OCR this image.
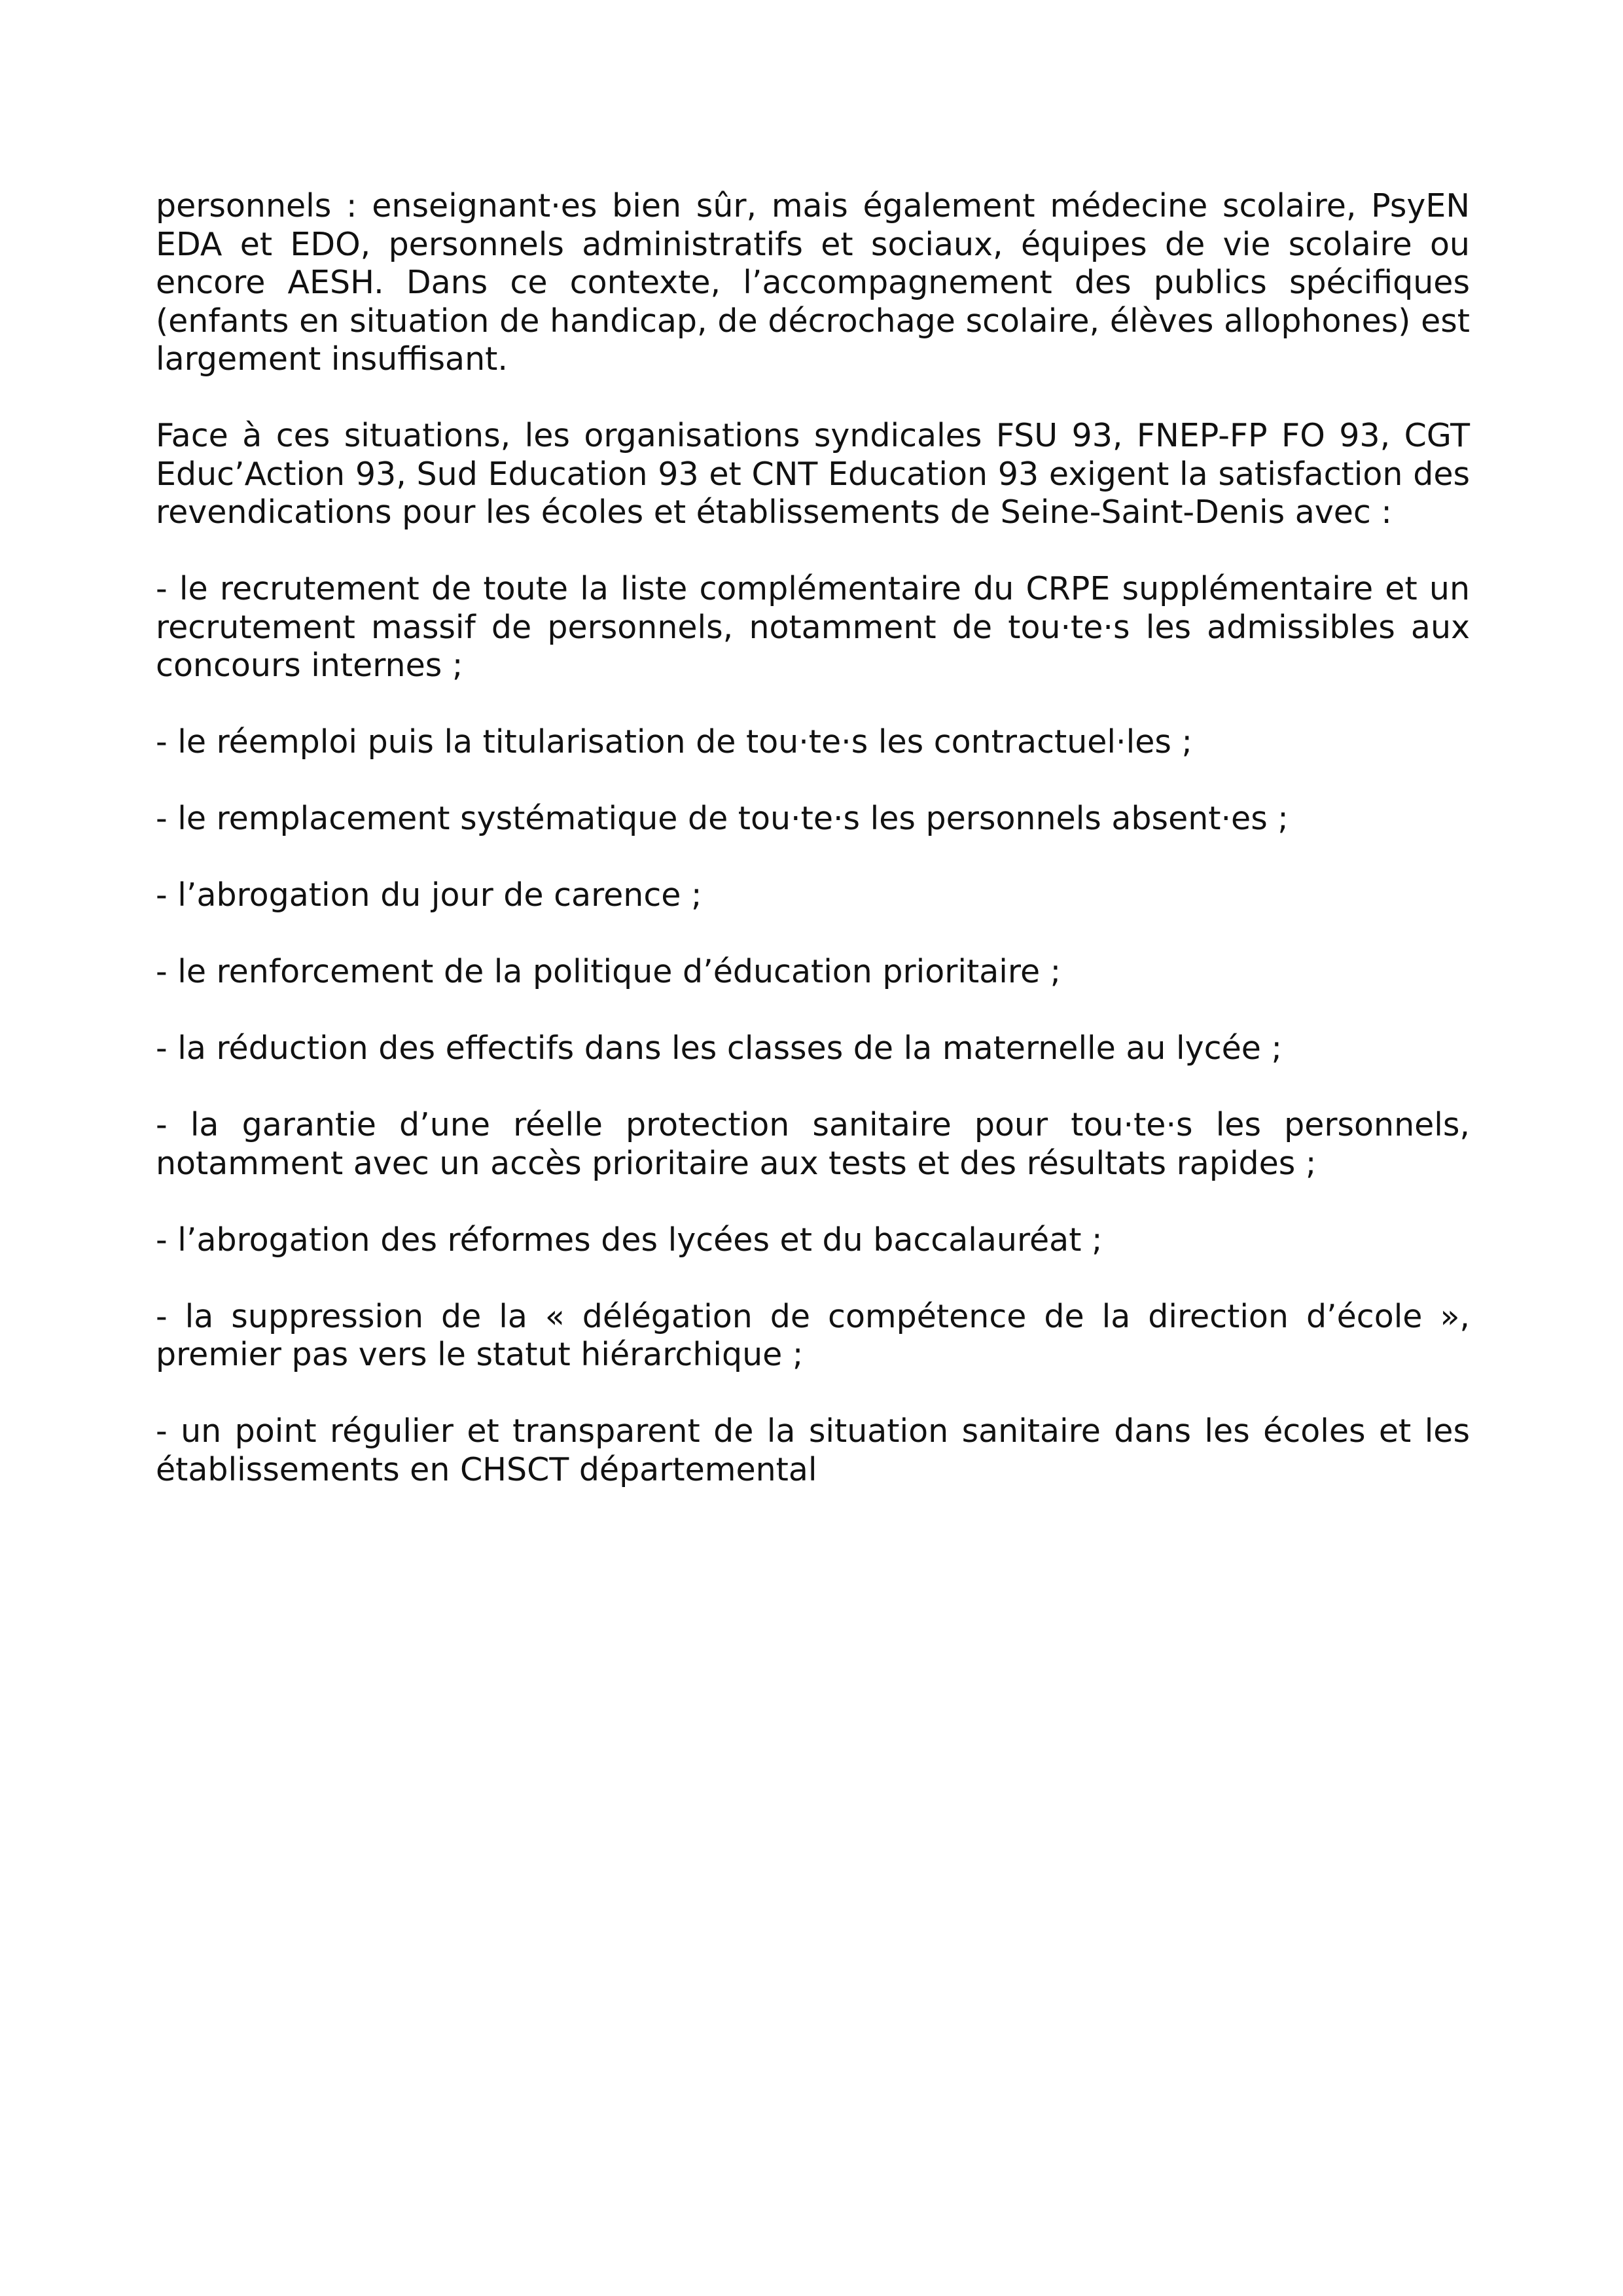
personnels : enseignant·es bien sûr, mais également médecine scolaire, PsyEN EDA et EDO, personnels administratifs et sociaux, équipes de vie scolaire ou encore AESH. Dans ce contexte, l’accompagnement des publics spécifiques (enfants en situation de handicap, de décrochage scolaire, élèves allophones) est largement insuffisant.

Face à ces situations, les organisations syndicales FSU 93, FNEP-FP FO 93, CGT Educ’Action 93, Sud Education 93 et CNT Education 93 exigent la satisfaction des revendications pour les écoles et établissements de Seine-Saint-Denis avec :

- le recrutement de toute la liste complémentaire du CRPE supplémentaire et un recrutement massif de personnels, notamment de tou·te·s les admissibles aux concours internes ;

- le réemploi puis la titularisation de tou·te·s les contractuel·les ;

- le remplacement systématique de tou·te·s les personnels absent·es ;

- l’abrogation du jour de carence ;

- le renforcement de la politique d’éducation prioritaire ;

- la réduction des effectifs dans les classes de la maternelle au lycée ;

- la garantie d’une réelle protection sanitaire pour tou·te·s les personnels, notamment avec un accès prioritaire aux tests et des résultats rapides ;

- l’abrogation des réformes des lycées et du baccalauréat ;

- la suppression de la « délégation de compétence de la direction d’école », premier pas vers le statut hiérarchique ;

- un point régulier et transparent de la situation sanitaire dans les écoles et les établissements en CHSCT départemental
